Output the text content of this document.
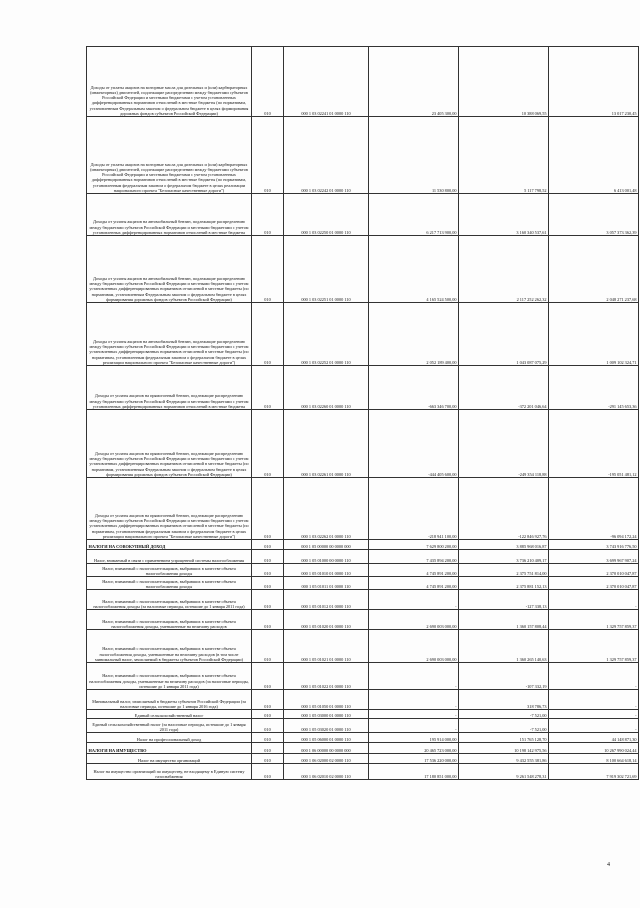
Доходы от уплаты акцизов на моторные масла для дизельных и (или) карбюраторных (инжекторных) двигателей, подлежащие распределению между бюджетами субъектов Российской Федерации и местными бюджетами с учетом установленных дифференцированных нормативов отчислений в местные бюджеты (по нормативам, установленным Федеральным законом о федеральном бюджете в целях формирования дорожных фондов субъектов Российской Федерации)	010	000 1 03 02241 01 0000 110	23 405 300,00	10 388 069,55	13 017 230,45
Доходы от уплаты акцизов на моторные масла для дизельных и (или) карбюраторных (инжекторных) двигателей, подлежащие распределению между бюджетами субъектов Российской Федерации и местными бюджетами с учетом установленных дифференцированных нормативов отчислений в местные бюджеты (по нормативам, установленным федеральным законом о федеральном бюджете в целях реализации национального проекта "Безопасные качественные дороги")	010	000 1 03 02242 01 0000 110	11 530 800,00	5 117 798,52	6 413 001,48
Доходы от уплаты акцизов на автомобильный бензин, подлежащие распределению между бюджетами субъектов Российской Федерации и местными бюджетами с учетом установленных дифференцированных нормативов отчислений в местные бюджеты	010	000 1 03 02250 01 0000 110	6 217 713 900,00	3 160 340 537,61	3 057 373 362,39
Доходы от уплаты акцизов на автомобильный бензин, подлежащие распределению между бюджетами субъектов Российской Федерации и местными бюджетами с учетом установленных дифференцированных нормативов отчислений в местные бюджеты (по нормативам, установленным Федеральным законом о федеральном бюджете в целях формирования дорожных фондов субъектов Российской Федерации)	010	000 1 03 02251 01 0000 110	4 165 524 500,00	2 117 252 262,32	2 048 271 237,68
Доходы от уплаты акцизов на автомобильный бензин, подлежащие распределению между бюджетами субъектов Российской Федерации и местными бюджетами с учетом установленных дифференцированных нормативов отчислений в местные бюджеты (по нормативам, установленным федеральным законом о федеральном бюджете в целях реализации национального проекта "Безопасные качественные дороги")	010	000 1 03 02252 01 0000 110	2 052 189 400,00	1 043 087 075,29	1 009 102 324,71
Доходы от уплаты акцизов на прямогонный бензин, подлежащие распределению между бюджетами субъектов Российской Федерации и местными бюджетами с учетом установленных дифференцированных нормативов отчислений в местные бюджеты	010	000 1 03 02260 01 0000 110	-663 346 700,00	-372 201 046,64	-291 145 653,36
Доходы от уплаты акцизов на прямогонный бензин, подлежащие распределению между бюджетами субъектов Российской Федерации и местными бюджетами с учетом установленных дифференцированных нормативов отчислений в местные бюджеты (по нормативам, установленным Федеральным законом о федеральном бюджете в целях формирования дорожных фондов субъектов Российской Федерации)	010	000 1 03 02261 01 0000 110	-444 405 600,00	-249 354 118,88	-195 051 481,12
Доходы от уплаты акцизов на прямогонный бензин, подлежащие распределению между бюджетами субъектов Российской Федерации и местными бюджетами с учетом установленных дифференцированных нормативов отчислений в местные бюджеты (по нормативам, установленным федеральным законом о федеральном бюджете в целях реализации национального проекта "Безопасные качественные дороги")	010	000 1 03 02262 01 0000 110	-218 941 100,00	-122 846 927,76	-96 094 172,24
НАЛОГИ НА СОВОКУПНЫЙ ДОХОД	010	000 1 05 00000 00 0000 000	7 629 800 200,00	3 885 968 016,87	3 743 916 776,50
Налог, взимаемый в связи с применением упрощенной системы налогообложения	010	000 1 05 01000 00 0000 110	7 435 894 200,00	3 736 210 409,17	3 699 967 907,24
Налог, взимаемый с налогоплательщиков, выбравших в качестве объекта налогообложения доходы	010	000 1 05 01010 01 0000 110	4 745 891 200,00	2 375 751 814,00	2 370 010 047,87
Налог, взимаемый с налогоплательщиков, выбравших в качестве объекта налогообложения доходы	010	000 1 05 01011 01 0000 110	4 745 891 200,00	2 375 881 152,13	2 370 010 047,87
Налог, взимаемый с налогоплательщиков, выбравших в качестве объекта налогообложения доходы (за налоговые периоды, истекшие до 1 января 2011 года)	010	000 1 05 01012 01 0000 110	-	-127 338,13	-
Налог, взимаемый с налогоплательщиков, выбравших в качестве объекта налогообложения доходы, уменьшенные на величину расходов	010	000 1 05 01020 01 0000 110	2 690 003 000,00	1 360 157 808,44	1 329 757 859,37
Налог, взимаемый с налогоплательщиков, выбравших в качестве объекта налогообложения доходы, уменьшенные на величину расходов (в том числе минимальный налог, зачисляемый в бюджеты субъектов Российской Федерации)	010	000 1 05 01021 01 0000 110	2 690 003 000,00	1 360 265 140,63	1 329 757 859,37
Налог, взимаемый с налогоплательщиков, выбравших в качестве объекта налогообложения доходы, уменьшенные на величину расходов (за налоговые периоды, истекшие до 1 января 2011 года)	010	000 1 05 01022 01 0000 110	-	-107 332,19	-
Минимальный налог, зачисляемый в бюджеты субъектов Российской Федерации (за налоговые периоды, истекшие до 1 января 2016 года)	010	000 1 05 01050 01 0000 110	-	318 786,73	-
Единый сельскохозяйственный налог	010	000 1 05 03000 01 0000 110	-	-7 521,00	-
Единый сельскохозяйственный налог (за налоговые периоды, истекшие до 1 января 2011 года)	010	000 1 05 03020 01 0000 110	-	-7 521,00	-
Налог на профессиональный доход	010	000 1 05 06000 01 0000 110	195 914 000,00	151 765 128,70	44 148 871,30
НАЛОГИ НА ИМУЩЕСТВО	010	000 1 06 00000 00 0000 000	20 465 723 000,00	10 198 142 975,56	10 267 990 024,44
Налог на имущество организаций	010	000 1 06 02000 02 0000 110	17 536 220 000,00	9 432 555 381,86	8 100 664 618,14
Налог на имущество организаций по имуществу, не входящему в Единую систему газоснабжения	010	000 1 06 02010 02 0000 110	17 180 851 000,00	9 261 548 278,31	7 919 302 721,69
4
